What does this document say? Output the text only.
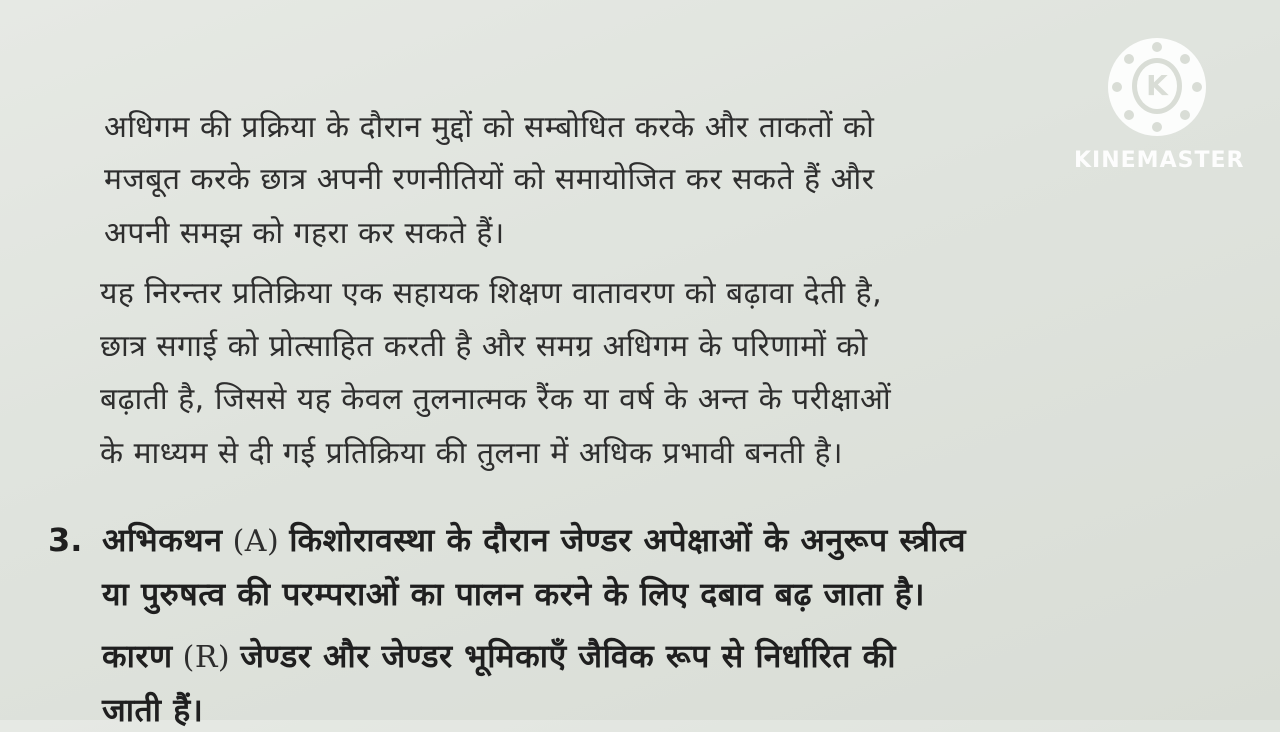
अधिगम की प्रक्रिया के दौरान मुद्दों को सम्बोधित करके और ताकतों को
मजबूत करके छात्र अपनी रणनीतियों को समायोजित कर सकते हैं और
अपनी समझ को गहरा कर सकते हैं।
यह निरन्तर प्रतिक्रिया एक सहायक शिक्षण वातावरण को बढ़ावा देती है,
छात्र सगाई को प्रोत्साहित करती है और समग्र अधिगम के परिणामों को
बढ़ाती है, जिससे यह केवल तुलनात्मक रैंक या वर्ष के अन्त के परीक्षाओं
के माध्यम से दी गई प्रतिक्रिया की तुलना में अधिक प्रभावी बनती है।
3. अभिकथन (A) किशोरावस्था के दौरान जेण्डर अपेक्षाओं के अनुरूप स्त्रीत्व
या पुरुषत्व की परम्पराओं का पालन करने के लिए दबाव बढ़ जाता है।
कारण (R) जेण्डर और जेण्डर भूमिकाएँ जैविक रूप से निर्धारित की
जाती हैं।
K
KINEMASTER
